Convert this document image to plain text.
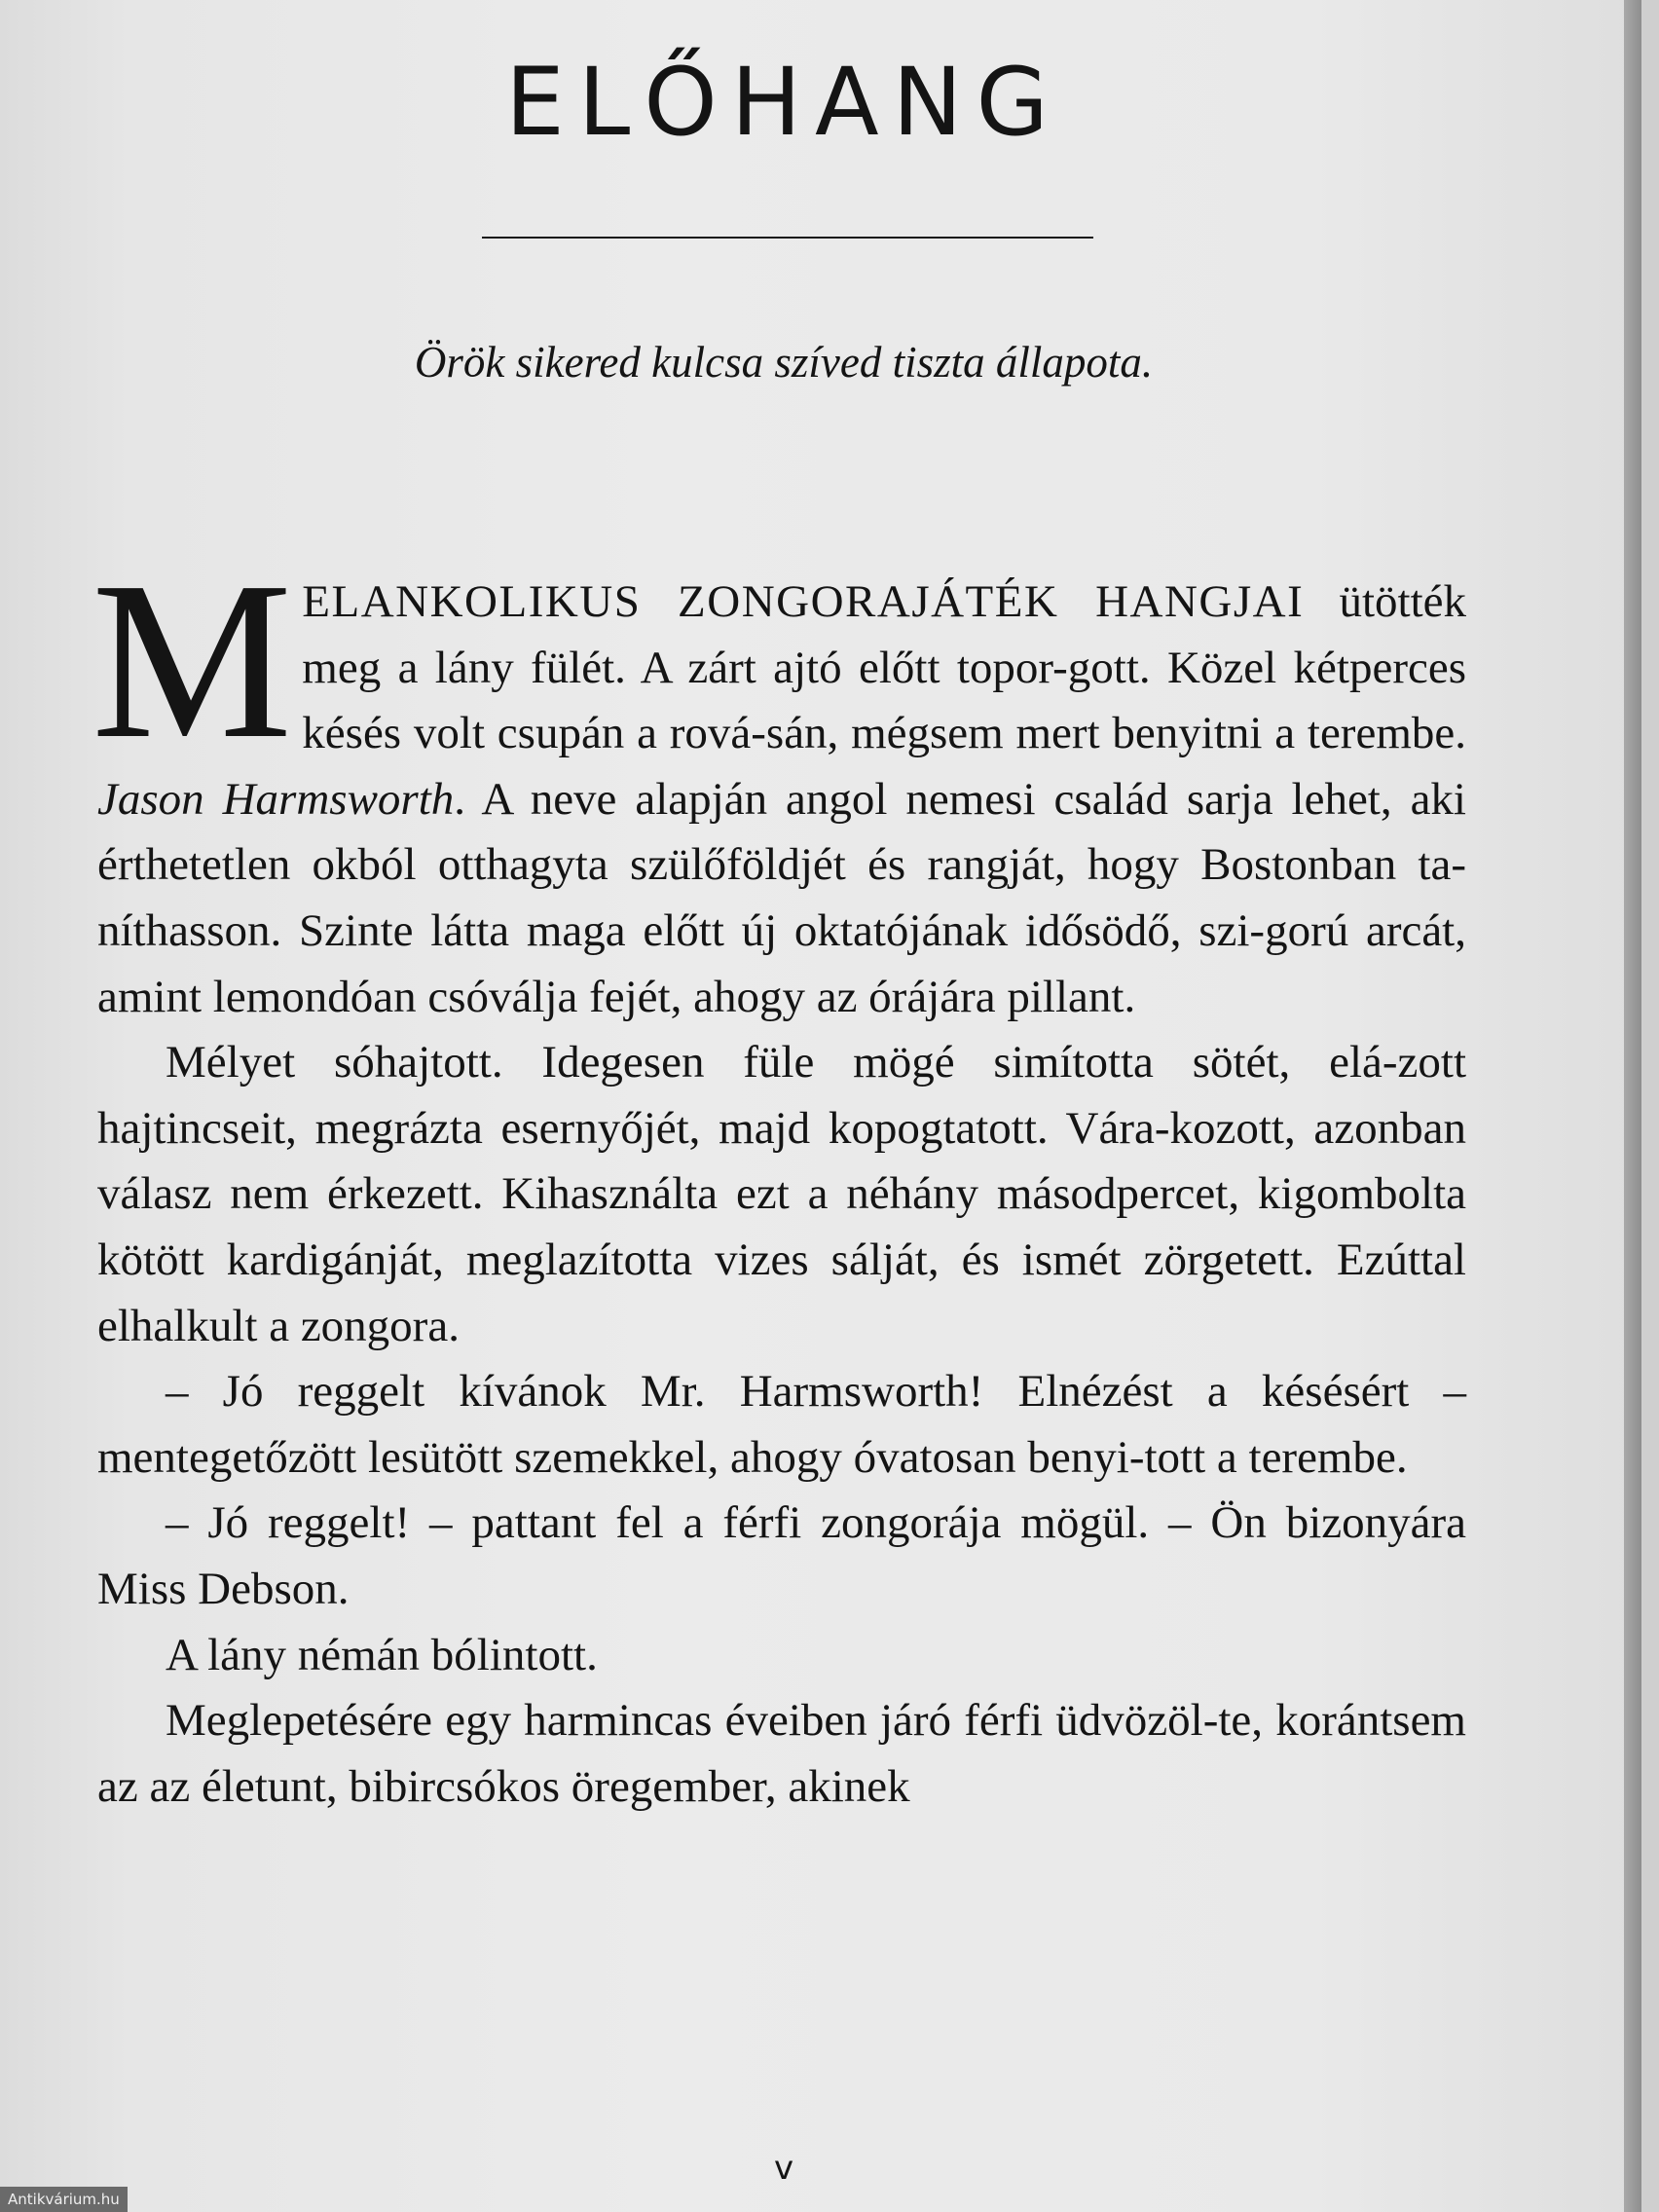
ELŐHANG
Örök sikered kulcsa szíved tiszta állapota.

MELANKOLIKUS ZONGORAJÁTÉK HANGJAI ütötték meg a lány fülét. A zárt ajtó előtt topor-gott. Közel kétperces késés volt csupán a rová-sán, mégsem mert benyitni a terembe. Jason Harmsworth. A neve alapján angol nemesi család sarja lehet, aki érthetetlen okból otthagyta szülőföldjét és rangját, hogy Bostonban ta-níthasson. Szinte látta maga előtt új oktatójának idősödő, szi-gorú arcát, amint lemondóan csóválja fejét, ahogy az órájára pillant.

Mélyet sóhajtott. Idegesen füle mögé simította sötét, elá-zott hajtincseit, megrázta esernyőjét, majd kopogtatott. Vára-kozott, azonban válasz nem érkezett. Kihasználta ezt a néhány másodpercet, kigombolta kötött kardigánját, meglazította vizes sálját, és ismét zörgetett. Ezúttal elhalkult a zongora.

– Jó reggelt kívánok Mr. Harmsworth! Elnézést a késésért – mentegetőzött lesütött szemekkel, ahogy óvatosan benyi-tott a terembe.

– Jó reggelt! – pattant fel a férfi zongorája mögül. – Ön bizonyára Miss Debson.

A lány némán bólintott.

Meglepetésére egy harmincas éveiben járó férfi üdvözöl-te, korántsem az az életunt, bibircsókos öregember, akinek

v
Antikvárium.hu
